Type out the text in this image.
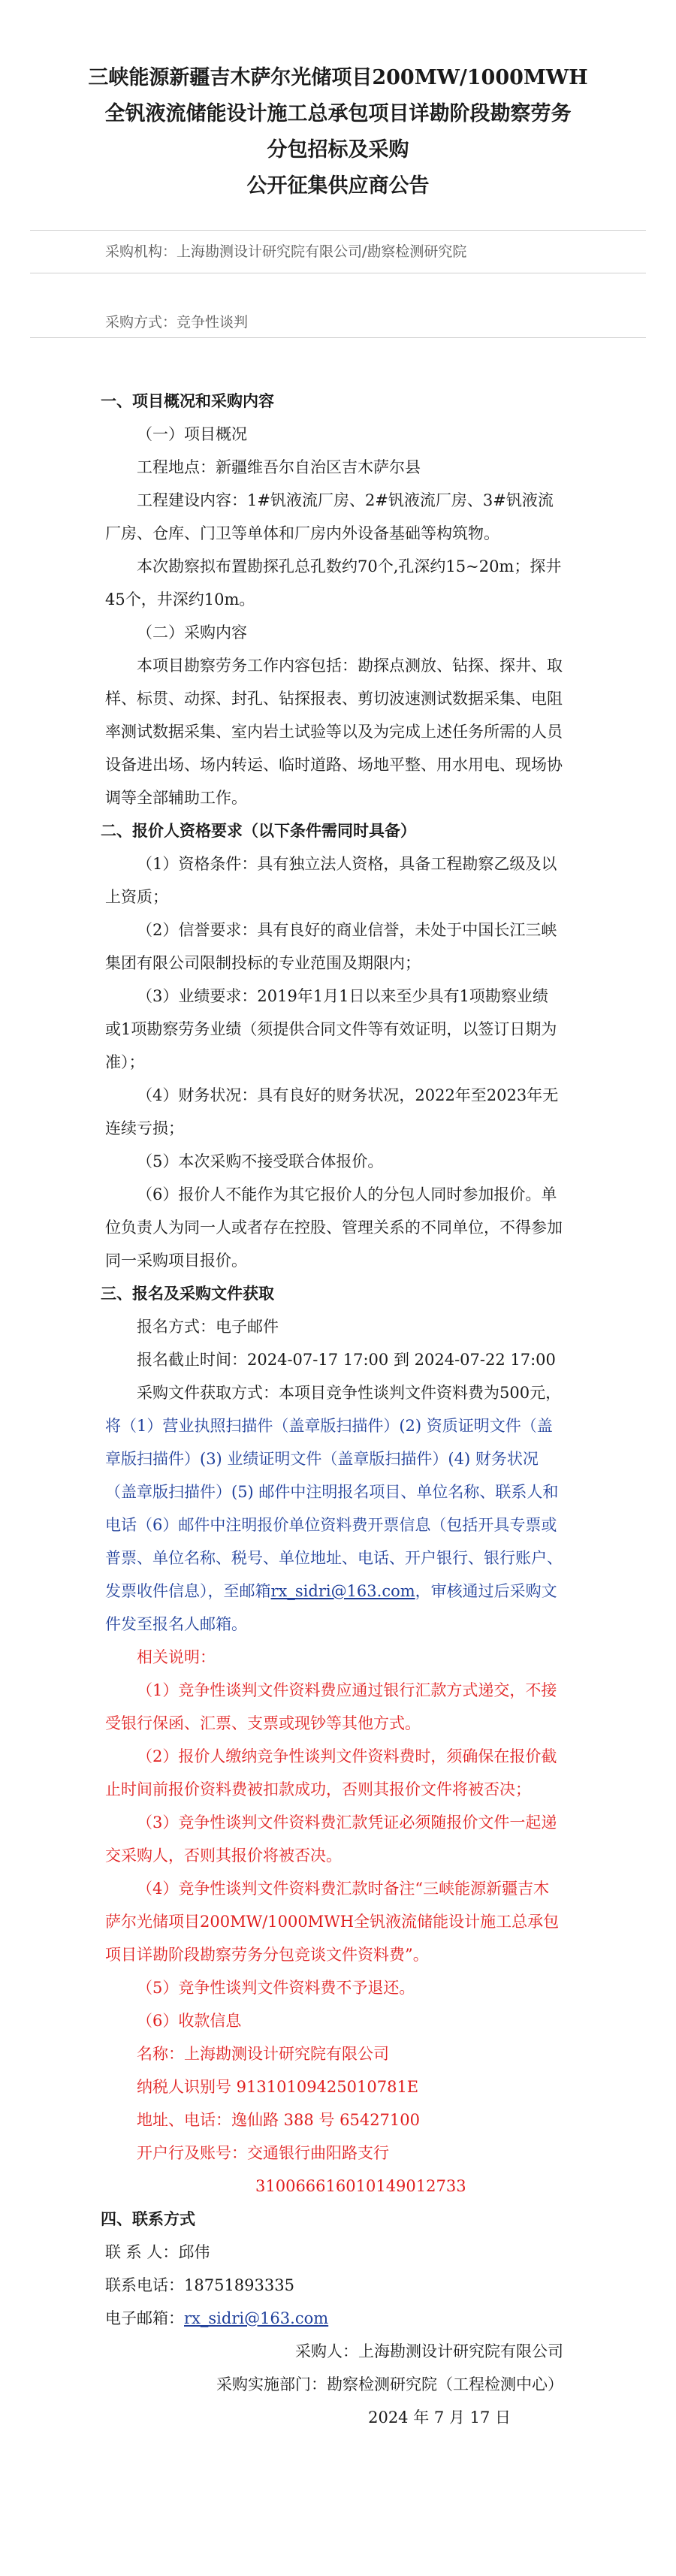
三峡能源新疆吉木萨尔光储项目200MW/1000MWH
全钒液流储能设计施工总承包项目详勘阶段勘察劳务
分包招标及采购
公开征集供应商公告
采购机构：上海勘测设计研究院有限公司/勘察检测研究院
采购方式：竞争性谈判
一、项目概况和采购内容

（一）项目概况

工程地点：新疆维吾尔自治区吉木萨尔县

工程建设内容：1#钒液流厂房、2#钒液流厂房、3#钒液流厂房、仓库、门卫等单体和厂房内外设备基础等构筑物。

本次勘察拟布置勘探孔总孔数约70个,孔深约15~20m；探井45个，井深约10m。

（二）采购内容

本项目勘察劳务工作内容包括：勘探点测放、钻探、探井、取样、标贯、动探、封孔、钻探报表、剪切波速测试数据采集、电阻率测试数据采集、室内岩土试验等以及为完成上述任务所需的人员设备进出场、场内转运、临时道路、场地平整、用水用电、现场协调等全部辅助工作。

二、报价人资格要求（以下条件需同时具备）

（1）资格条件：具有独立法人资格，具备工程勘察乙级及以上资质；

（2）信誉要求：具有良好的商业信誉，未处于中国长江三峡集团有限公司限制投标的专业范围及期限内；

（3）业绩要求：2019年1月1日以来至少具有1项勘察业绩或1项勘察劳务业绩（须提供合同文件等有效证明，以签订日期为准）；

（4）财务状况：具有良好的财务状况，2022年至2023年无连续亏损；

（5）本次采购不接受联合体报价。

（6）报价人不能作为其它报价人的分包人同时参加报价。单位负责人为同一人或者存在控股、管理关系的不同单位，不得参加同一采购项目报价。

三、报名及采购文件获取

报名方式：电子邮件

报名截止时间：2024-07-17 17:00 到 2024-07-22 17:00

采购文件获取方式：本项目竞争性谈判文件资料费为500元，将（1）营业执照扫描件（盖章版扫描件）(2) 资质证明文件（盖章版扫描件）(3) 业绩证明文件（盖章版扫描件）(4) 财务状况（盖章版扫描件）(5) 邮件中注明报名项目、单位名称、联系人和电话（6）邮件中注明报价单位资料费开票信息（包括开具专票或普票、单位名称、税号、单位地址、电话、开户银行、银行账户、发票收件信息），至邮箱rx_sidri@163.com，审核通过后采购文件发至报名人邮箱。

相关说明：

（1）竞争性谈判文件资料费应通过银行汇款方式递交，不接受银行保函、汇票、支票或现钞等其他方式。

（2）报价人缴纳竞争性谈判文件资料费时，须确保在报价截止时间前报价资料费被扣款成功，否则其报价文件将被否决；

（3）竞争性谈判文件资料费汇款凭证必须随报价文件一起递交采购人，否则其报价将被否决。

（4）竞争性谈判文件资料费汇款时备注“三峡能源新疆吉木萨尔光储项目200MW/1000MWH全钒液流储能设计施工总承包项目详勘阶段勘察劳务分包竞谈文件资料费”。

（5）竞争性谈判文件资料费不予退还。

（6）收款信息

名称：上海勘测设计研究院有限公司

纳税人识别号 91310109425010781E

地址、电话：逸仙路 388 号 65427100

开户行及账号：交通银行曲阳路支行

310066616010149012733

四、联系方式

联 系 人：邱伟

联系电话：18751893335

电子邮箱：rx_sidri@163.com

采购人：上海勘测设计研究院有限公司

采购实施部门：勘察检测研究院（工程检测中心）

2024 年 7 月 17 日
